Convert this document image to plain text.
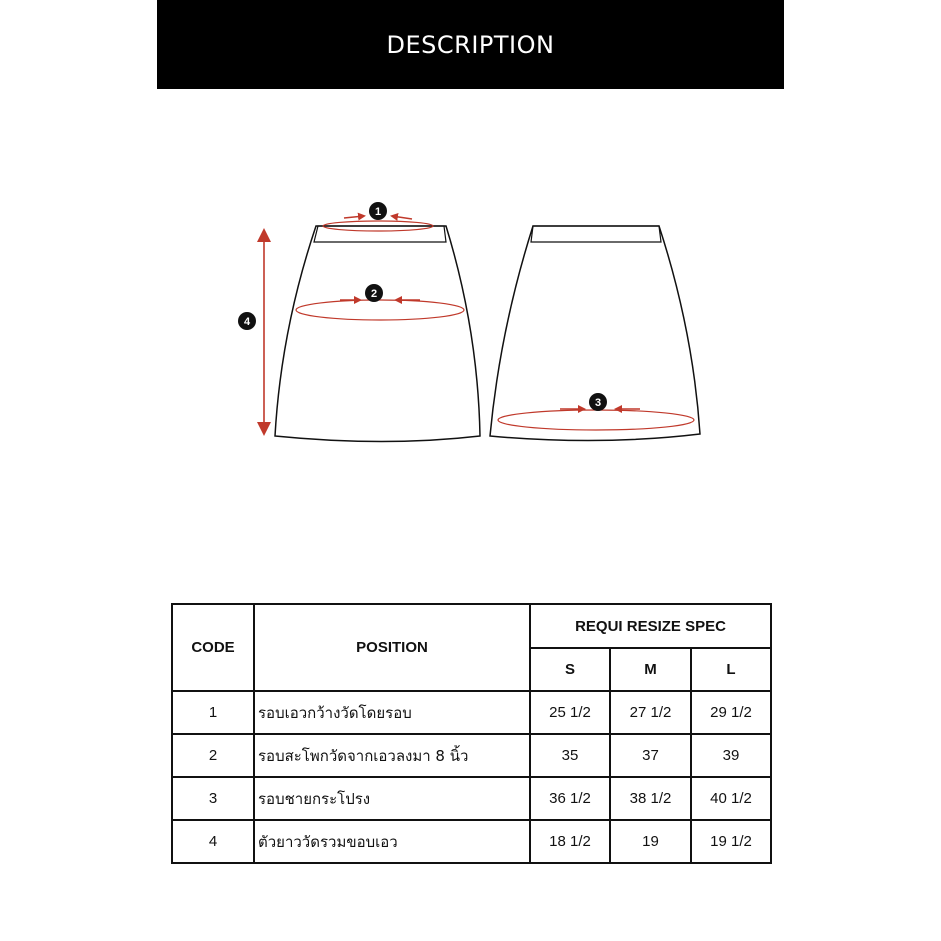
DESCRIPTION
1
2
3
4
CODE	POSITION	REQUI RESIZE SPEC		
		S	M	L
1	รอบเอวกว้างวัดโดยรอบ	25 1/2	27 1/2	29 1/2
2	รอบสะโพกวัดจากเอวลงมา 8 นิ้ว	35	37	39
3	รอบชายกระโปรง	36 1/2	38 1/2	40 1/2
4	ตัวยาววัดรวมขอบเอว	18 1/2	19	19 1/2
